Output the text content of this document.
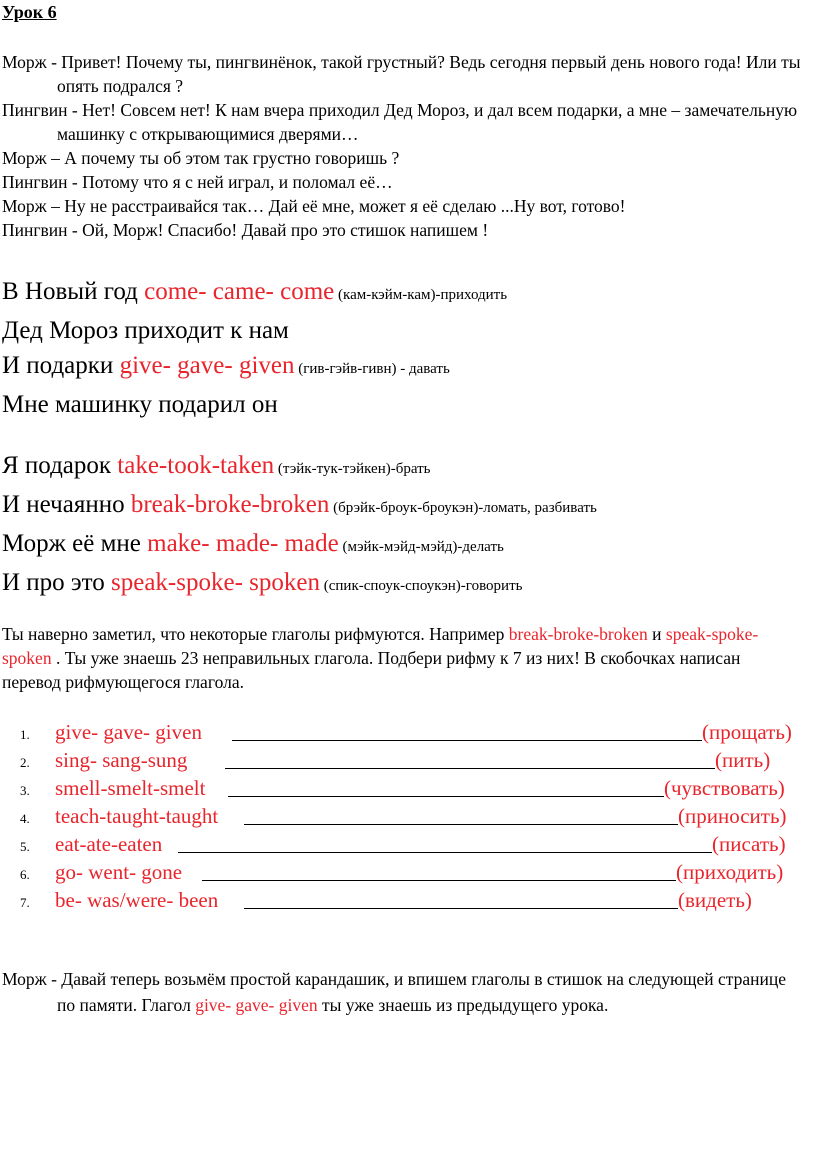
Урок 6

Морж - Привет! Почему ты, пингвинёнок, такой грустный? Ведь сегодня первый день нового года! Или ты опять подрался ?

Пингвин - Нет! Совсем нет! К нам вчера приходил Дед Мороз, и дал всем подарки, а мне – замечательную машинку с открывающимися дверями…

Морж – А почему ты об этом так грустно говоришь ?

Пингвин - Потому что я с ней играл, и поломал её…

Морж – Ну не расстраивайся так… Дай её мне, может я её сделаю ...Ну вот, готово!

Пингвин - Ой, Морж! Спасибо! Давай про это стишок напишем !

В Новый год come- came- come (кам-кэйм-кам)-приходить
Дед Мороз приходит к нам
И подарки give- gave- given (гив-гэйв-гивн) - давать
Мне машинку подарил он
Я подарок take-took-taken (тэйк-тук-тэйкен)-брать
И нечаянно break-broke-broken (брэйк-броук-броукэн)-ломать, разбивать
Морж её мне make- made- made (мэйк-мэйд-мэйд)-делать
И про это speak-spoke- spoken (спик-споук-споукэн)-говорить

Ты наверно заметил, что некоторые глаголы рифмуются. Например break-broke-broken и speak-spoke- spoken . Ты уже знаешь 23 неправильных глагола. Подбери рифму к 7 из них! В скобочках написан перевод рифмующегося глагола.

1.	give- gave- given	(прощать)
2.	sing- sang-sung	(пить)
3.	smell-smelt-smelt	(чувствовать)
4.	teach-taught-taught	(приносить)
5.	eat-ate-eaten	(писать)
6.	go- went- gone	(приходить)
7.	be- was/were- been	(видеть)

Морж - Давай теперь возьмём простой карандашик, и впишем глаголы в стишок на следующей странице по памяти. Глагол give- gave- given ты уже знаешь из предыдущего урока.
